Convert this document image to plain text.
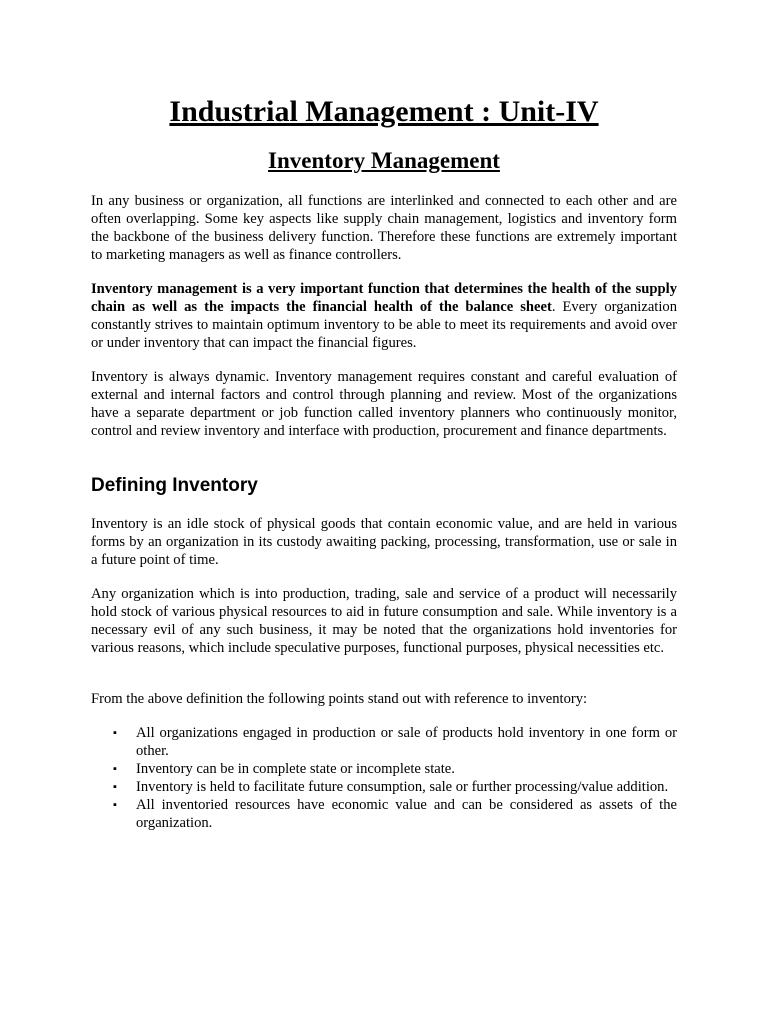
Industrial Management : Unit-IV
Inventory Management

In any business or organization, all functions are interlinked and connected to each other and are often overlapping. Some key aspects like supply chain management, logistics and inventory form the backbone of the business delivery function. Therefore these functions are extremely important to marketing managers as well as finance controllers.

Inventory management is a very important function that determines the health of the supply chain as well as the impacts the financial health of the balance sheet. Every organization constantly strives to maintain optimum inventory to be able to meet its requirements and avoid over or under inventory that can impact the financial figures.

Inventory is always dynamic. Inventory management requires constant and careful evaluation of external and internal factors and control through planning and review. Most of the organizations have a separate department or job function called inventory planners who continuously monitor, control and review inventory and interface with production, procurement and finance departments.

Defining Inventory

Inventory is an idle stock of physical goods that contain economic value, and are held in various forms by an organization in its custody awaiting packing, processing, transformation, use or sale in a future point of time.

Any organization which is into production, trading, sale and service of a product will necessarily hold stock of various physical resources to aid in future consumption and sale. While inventory is a necessary evil of any such business, it may be noted that the organizations hold inventories for various reasons, which include speculative purposes, functional purposes, physical necessities etc.

From the above definition the following points stand out with reference to inventory:

▪ All organizations engaged in production or sale of products hold inventory in one form or other.
▪ Inventory can be in complete state or incomplete state.
▪ Inventory is held to facilitate future consumption, sale or further processing/value addition.
▪ All inventoried resources have economic value and can be considered as assets of the organization.
